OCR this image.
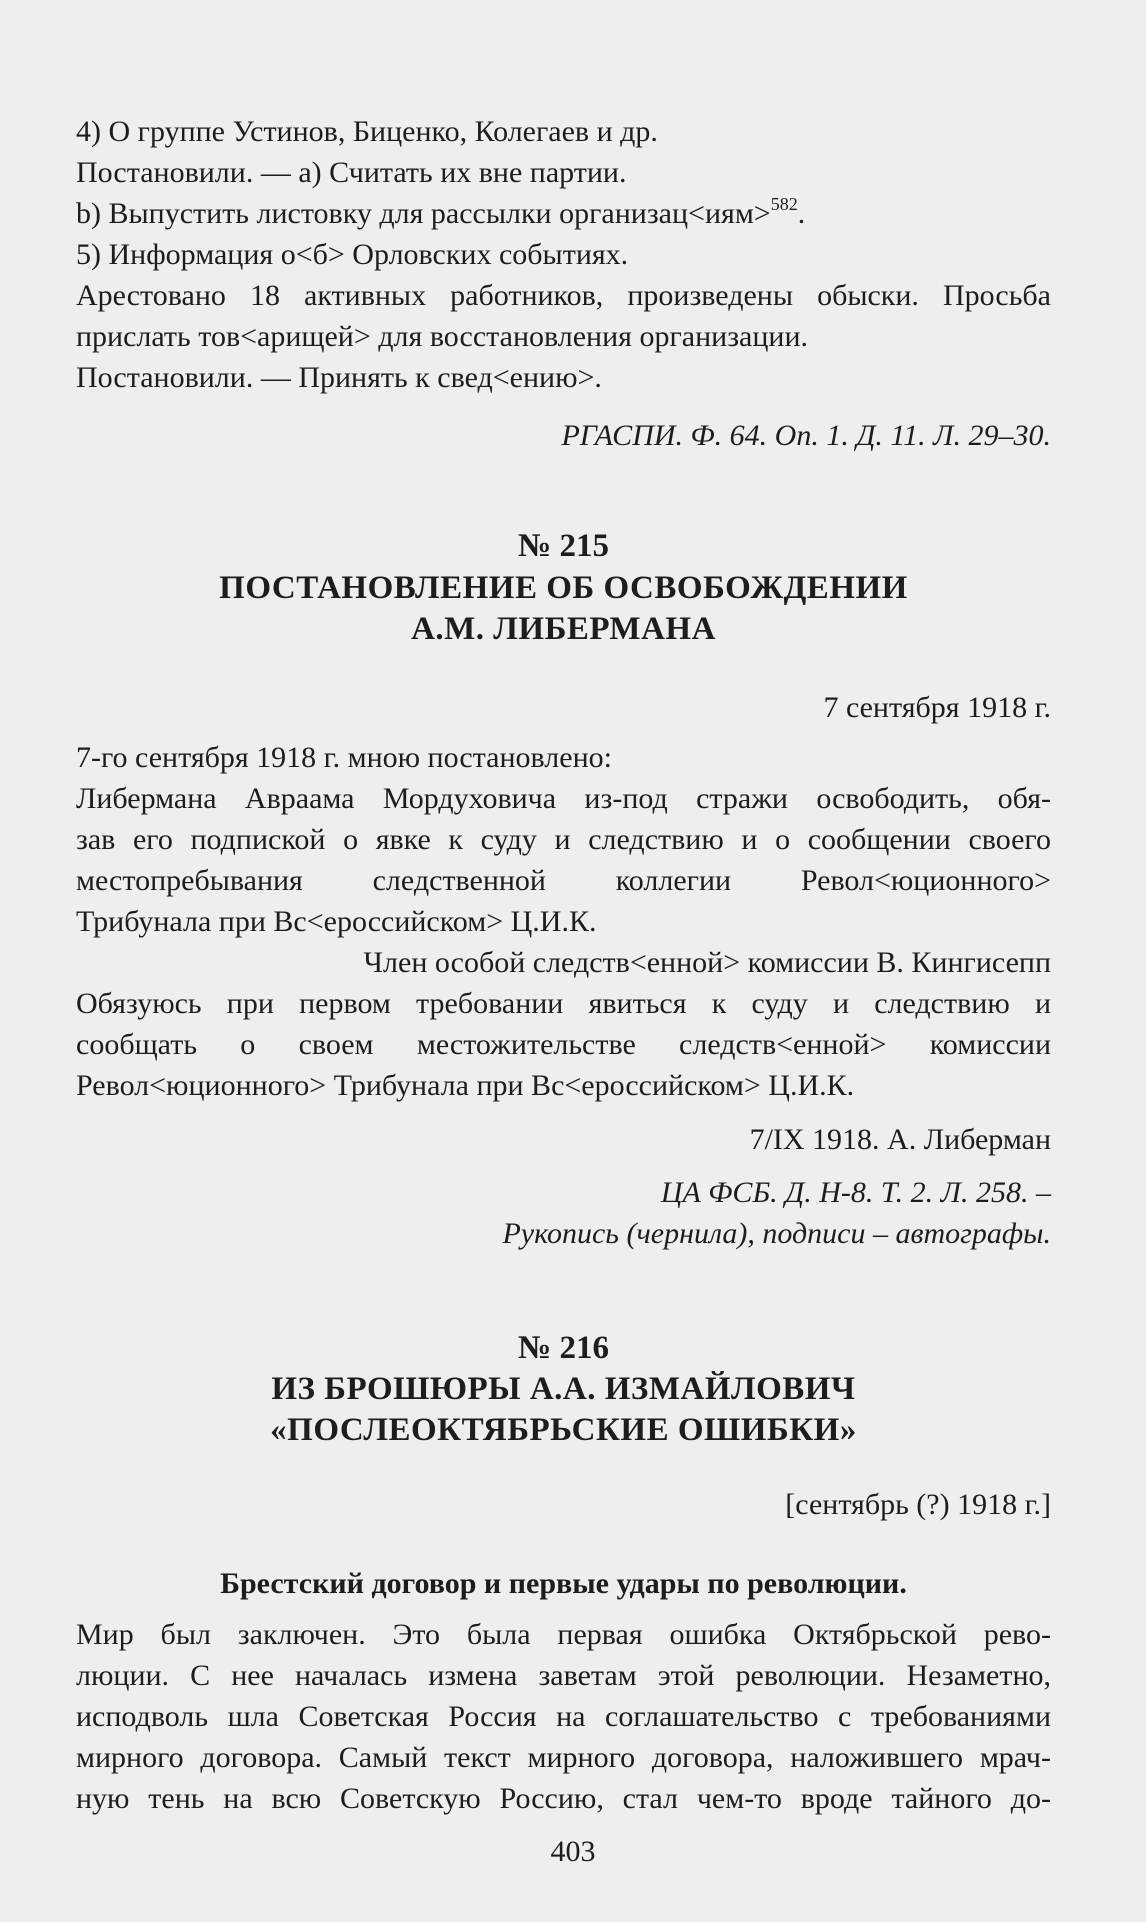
4) О группе Устинов, Биценко, Колегаев и др.
Постановили. — а) Считать их вне партии.
b) Выпустить листовку для рассылки организац<иям>$^{582}$.
5) Информация о<б> Орловских событиях.
Арестовано 18 активных работников, произведены обыски. Просьба
прислать тов<арищей> для восстановления организации.
Постановили. — Принять к свед<ению>.
РГАСПИ. Ф. 64. Оп. 1. Д. 11. Л. 29–30.
№ 215
ПОСТАНОВЛЕНИЕ ОБ ОСВОБОЖДЕНИИ
А.М. ЛИБЕРМАНА
7 сентября 1918 г.
7-го сентября 1918 г. мною постановлено:
Либермана Авраама Мордуховича из-под стражи освободить, обя-
зав его подпиской о явке к суду и следствию и о сообщении своего
местопребывания следственной коллегии Револ<юционного>
Трибунала при Вс<ероссийском> Ц.И.К.
Член особой следств<енной> комиссии В. Кингисепп
Обязуюсь при первом требовании явиться к суду и следствию и
сообщать о своем местожительстве следств<енной> комиссии
Револ<юционного> Трибунала при Вс<ероссийском> Ц.И.К.
7/IX 1918. А. Либерман
ЦА ФСБ. Д. Н-8. Т. 2. Л. 258. –
Рукопись (чернила), подписи – автографы.
№ 216
ИЗ БРОШЮРЫ А.А. ИЗМАЙЛОВИЧ
«ПОСЛЕОКТЯБРЬСКИЕ ОШИБКИ»
[сентябрь (?) 1918 г.]
Брестский договор и первые удары по революции.
Мир был заключен. Это была первая ошибка Октябрьской рево-
люции. С нее началась измена заветам этой революции. Незаметно,
исподволь шла Советская Россия на соглашательство с требованиями
мирного договора. Самый текст мирного договора, наложившего мрач-
ную тень на всю Советскую Россию, стал чем-то вроде тайного до-
403
